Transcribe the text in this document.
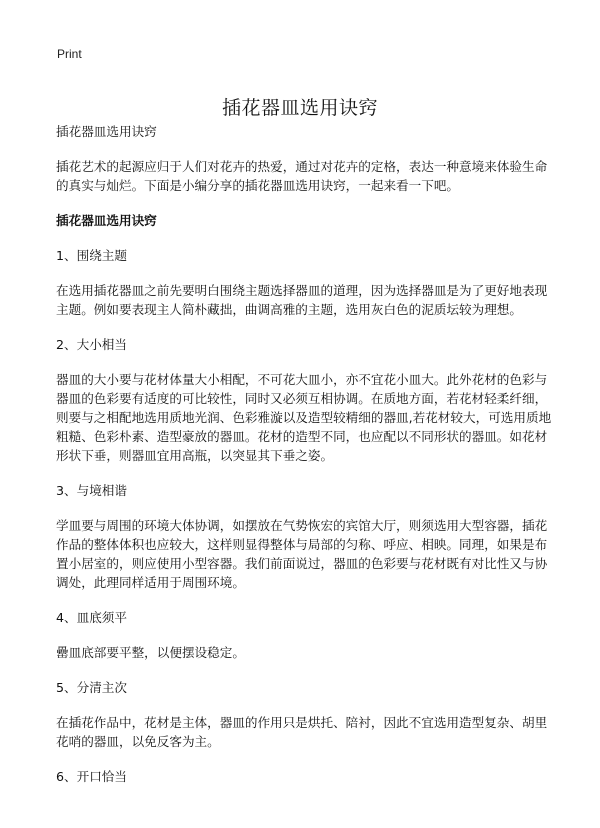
Print
插花器皿选用诀窍

插花器皿选用诀窍

插花艺术的起源应归于人们对花卉的热爱，通过对花卉的定格，表达一种意境来体验生命的真实与灿烂。下面是小编分享的插花器皿选用诀窍，一起来看一下吧。

插花器皿选用诀窍

1、围绕主题

在选用插花器皿之前先要明白围绕主题选择器皿的道理，因为选择器皿是为了更好地表现主题。例如要表现主人简朴藏拙，曲调高雅的主题，选用灰白色的泥质坛较为理想。

2、大小相当

器皿的大小要与花材体量大小相配，不可花大皿小，亦不宜花小皿大。此外花材的色彩与器皿的色彩要有适度的可比较性，同时又必须互相协调。在质地方面，若花材轻柔纤细，则要与之相配地选用质地光润、色彩雅漩以及造型较精细的器皿,若花材较大，可选用质地粗糙、色彩朴素、造型豪放的器皿。花材的造型不同，也应配以不同形状的器皿。如花材形状下垂，则器皿宜用高瓶，以突显其下垂之姿。

3、与境相谐

学皿要与周围的环境大体协调，如摆放在气势恢宏的宾馆大厅，则须选用大型容器，插花作品的整体体积也应较大，这样则显得整体与局部的匀称、呼应、相映。同理，如果是布置小居室的，则应使用小型容器。我们前面说过，器皿的色彩要与花材既有对比性又与协调处，此理同样适用于周围环境。

4、皿底须平

罍皿底部要平整，以便摆设稳定。

5、分清主次

在插花作品中，花材是主体，器皿的作用只是烘托、陪衬，因此不宜选用造型复杂、胡里花哨的器皿，以免反客为主。

6、开口恰当
